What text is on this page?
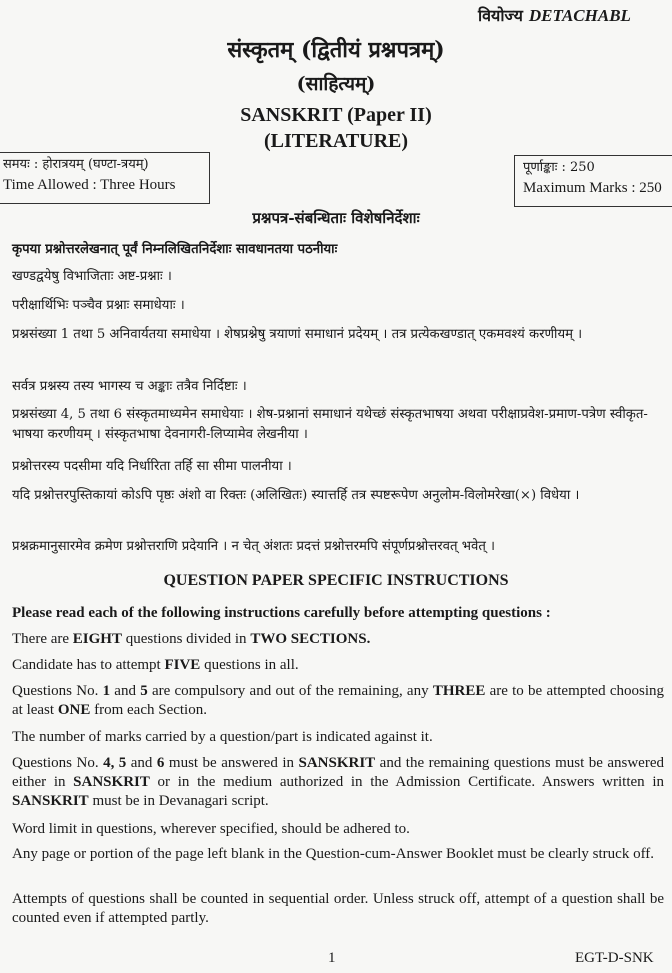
वियोज्य DETACHABL
संस्कृतम् (द्वितीयं प्रश्नपत्रम्)
(साहित्यम्)
SANSKRIT (Paper II)
(LITERATURE)
समयः : होरात्रयम् (घण्टा-त्रयम्)
Time Allowed : Three Hours
पूर्णाङ्काः : 250
Maximum Marks : 250
प्रश्नपत्र-संबन्धिताः विशेषनिर्देशाः
कृपया प्रश्नोत्तरलेखनात् पूर्वं निम्नलिखितनिर्देशाः सावधानतया पठनीयाः
खण्डद्वयेषु विभाजिताः अष्ट-प्रश्नाः ।
परीक्षार्थिभिः पञ्चैव प्रश्नाः समाधेयाः ।
प्रश्नसंख्या 1 तथा 5 अनिवार्यतया समाधेया । शेषप्रश्नेषु त्रयाणां समाधानं प्रदेयम् । तत्र प्रत्येकखण्डात् एकमवश्यं करणीयम् ।
सर्वत्र प्रश्नस्य तस्य भागस्य च अङ्काः तत्रैव निर्दिष्टाः ।
प्रश्नसंख्या 4, 5 तथा 6 संस्कृतमाध्यमेन समाधेयाः । शेष-प्रश्नानां समाधानं यथेच्छं संस्कृतभाषया अथवा परीक्षाप्रवेश-प्रमाण-पत्रेण स्वीकृत-भाषया करणीयम् । संस्कृतभाषा देवनागरी-लिप्यामेव लेखनीया ।
प्रश्नोत्तरस्य पदसीमा यदि निर्धारिता तर्हि सा सीमा पालनीया ।
यदि प्रश्नोत्तरपुस्तिकायां कोऽपि पृष्ठः अंशो वा रिक्तः (अलिखितः) स्यात्तर्हि तत्र स्पष्टरूपेण अनुलोम-विलोमरेखा(×) विधेया ।
प्रश्नक्रमानुसारमेव क्रमेण प्रश्नोत्तराणि प्रदेयानि । न चेत् अंशतः प्रदत्तं प्रश्नोत्तरमपि संपूर्णप्रश्नोत्तरवत् भवेत् ।
QUESTION PAPER SPECIFIC INSTRUCTIONS
Please read each of the following instructions carefully before attempting questions :
There are EIGHT questions divided in TWO SECTIONS.
Candidate has to attempt FIVE questions in all.
Questions No. 1 and 5 are compulsory and out of the remaining, any THREE are to be attempted choosing at least ONE from each Section.
The number of marks carried by a question/part is indicated against it.
Questions No. 4, 5 and 6 must be answered in SANSKRIT and the remaining questions must be answered either in SANSKRIT or in the medium authorized in the Admission Certificate. Answers written in SANSKRIT must be in Devanagari script.
Word limit in questions, wherever specified, should be adhered to.
Any page or portion of the page left blank in the Question-cum-Answer Booklet must be clearly struck off.
Attempts of questions shall be counted in sequential order. Unless struck off, attempt of a question shall be counted even if attempted partly.
1	EGT-D-SNK
